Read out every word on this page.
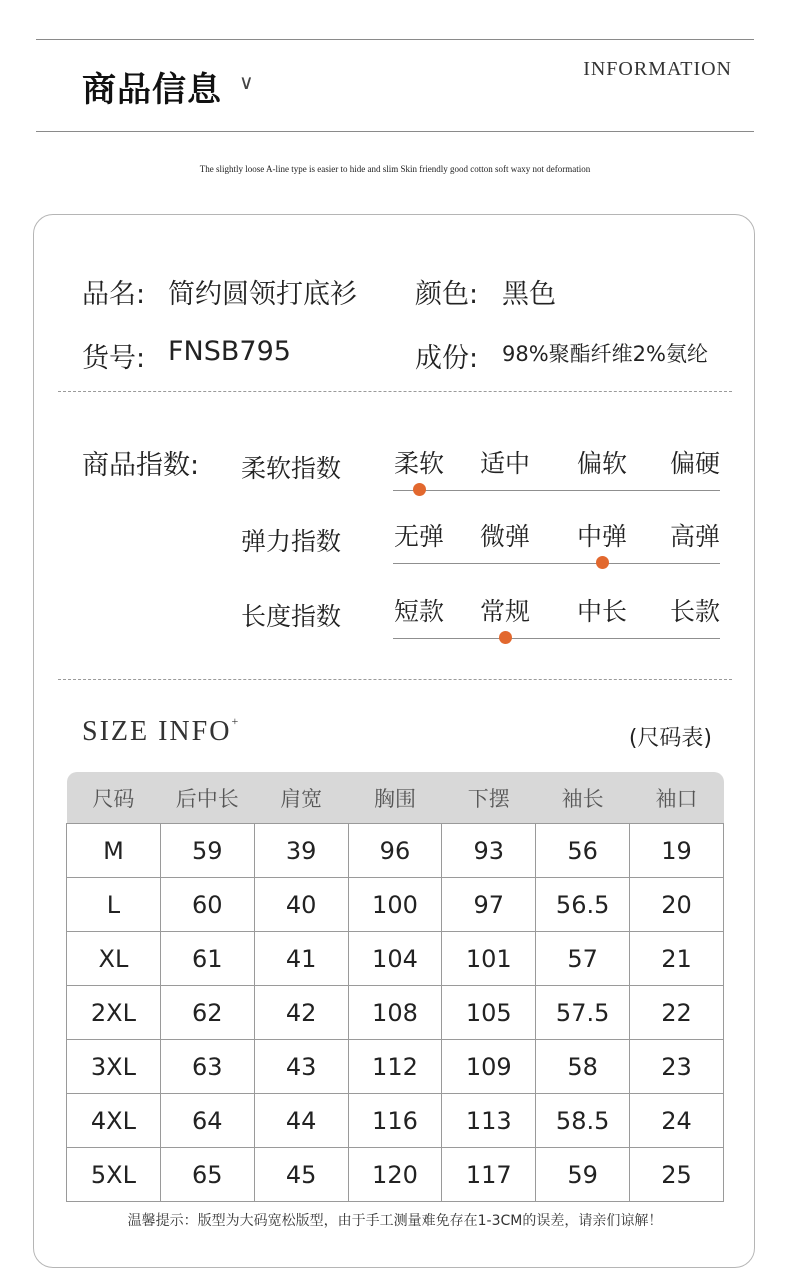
商品信息 ∨
INFORMATION
The slightly loose A-line type is easier to hide and slim Skin friendly good cotton soft waxy not deformation
品名: 简约圆领打底衫 颜色: 黑色
货号: FNSB795	成份: 98%聚酯纤维2%氨纶
商品指数: 柔软指数	柔软	适中	偏软	偏硬
弹力指数	无弹	微弹	中弹	高弹
长度指数	短款	常规	中长	长款
SIZE INFO+
(尺码表)
尺码	后中长	肩宽	胸围	下摆	袖长	袖口
M	59	39	96	93	56	19
L	60	40	100	97	56.5	20
XL	61	41	104	101	57	21
2XL	62	42	108	105	57.5	22
3XL	63	43	112	109	58	23
4XL	64	44	116	113	58.5	24
5XL	65	45	120	117	59	25
温馨提示：版型为大码宽松版型，由于手工测量难免存在1-3CM的误差，请亲们谅解！
